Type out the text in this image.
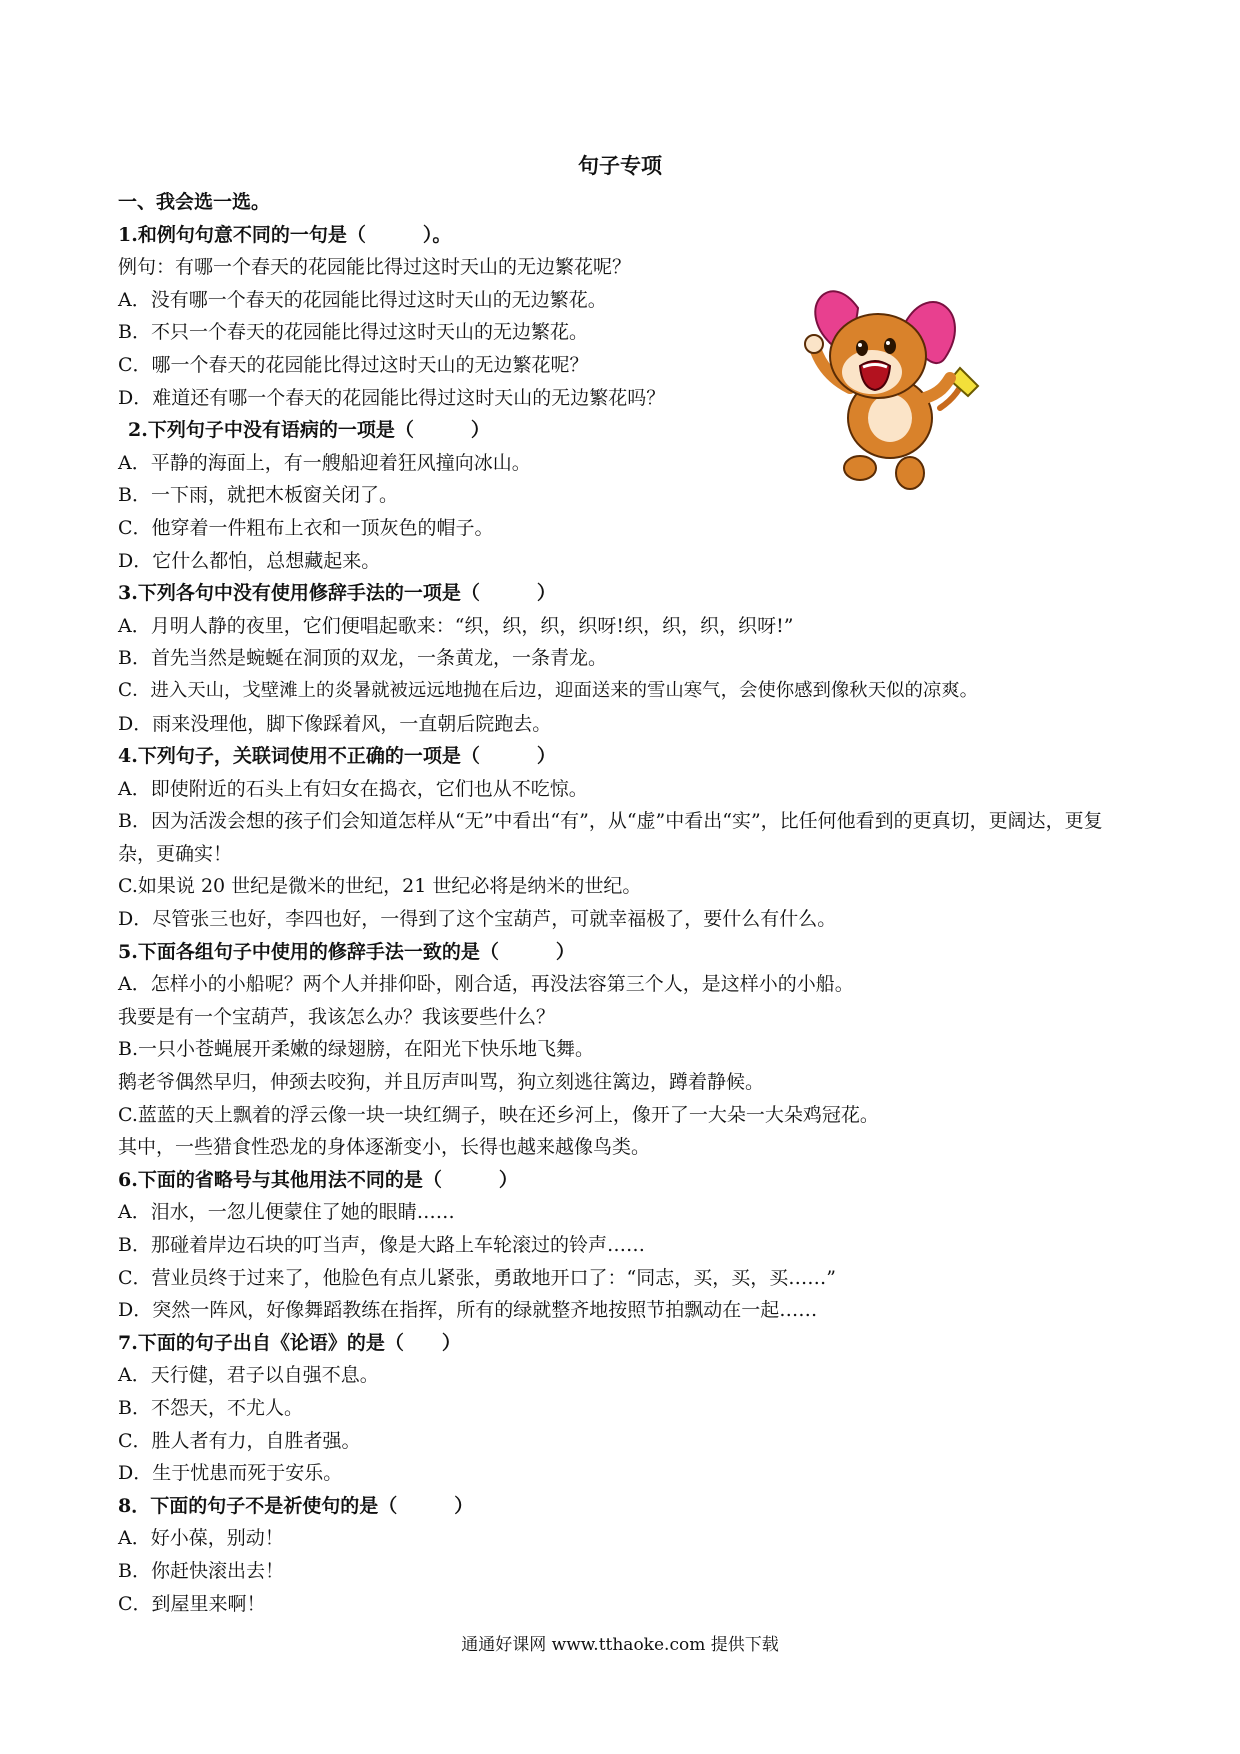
句子专项
一、我会选一选。
1.和例句句意不同的一句是（　　　）。
例句：有哪一个春天的花园能比得过这时天山的无边繁花呢？
A．没有哪一个春天的花园能比得过这时天山的无边繁花。
B．不只一个春天的花园能比得过这时天山的无边繁花。
C．哪一个春天的花园能比得过这时天山的无边繁花呢？
D．难道还有哪一个春天的花园能比得过这时天山的无边繁花吗？
2.下列句子中没有语病的一项是（　　　）
A．平静的海面上，有一艘船迎着狂风撞向冰山。
B．一下雨，就把木板窗关闭了。
C．他穿着一件粗布上衣和一顶灰色的帽子。
D．它什么都怕，总想藏起来。
3.下列各句中没有使用修辞手法的一项是（　　　）
A．月明人静的夜里，它们便唱起歌来：“织，织，织，织呀!织，织，织，织呀!”
B．首先当然是蜿蜒在洞顶的双龙，一条黄龙，一条青龙。
C．进入天山，戈壁滩上的炎暑就被远远地抛在后边，迎面送来的雪山寒气，会使你感到像秋天似的凉爽。
D．雨来没理他，脚下像踩着风，一直朝后院跑去。
4.下列句子，关联词使用不正确的一项是（　　　）
A．即使附近的石头上有妇女在捣衣，它们也从不吃惊。
B．因为活泼会想的孩子们会知道怎样从“无”中看出“有”，从“虚”中看出“实”，比任何他看到的更真切，更阔达，更复杂，更确实！
C.如果说 20 世纪是微米的世纪，21 世纪必将是纳米的世纪。
D．尽管张三也好，李四也好，一得到了这个宝葫芦，可就幸福极了，要什么有什么。
5.下面各组句子中使用的修辞手法一致的是（　　　）
A．怎样小的小船呢？两个人并排仰卧，刚合适，再没法容第三个人，是这样小的小船。
我要是有一个宝葫芦，我该怎么办？我该要些什么？
B.一只小苍蝇展开柔嫩的绿翅膀，在阳光下快乐地飞舞。
鹅老爷偶然早归，伸颈去咬狗，并且厉声叫骂，狗立刻逃往篱边，蹲着静候。
C.蓝蓝的天上飘着的浮云像一块一块红绸子，映在还乡河上，像开了一大朵一大朵鸡冠花。
其中，一些猎食性恐龙的身体逐渐变小，长得也越来越像鸟类。
6.下面的省略号与其他用法不同的是（　　　）
A．泪水，一忽儿便蒙住了她的眼睛……
B．那碰着岸边石块的叮当声，像是大路上车轮滚过的铃声……
C．营业员终于过来了，他脸色有点儿紧张，勇敢地开口了：“同志，买，买，买……”
D．突然一阵风，好像舞蹈教练在指挥，所有的绿就整齐地按照节拍飘动在一起……
7.下面的句子出自《论语》的是（　　）
A．天行健，君子以自强不息。
B．不怨天，不尤人。
C．胜人者有力，自胜者强。
D．生于忧患而死于安乐。
8．下面的句子不是祈使句的是（　　　）
A．好小葆，别动！
B．你赶快滚出去！
C．到屋里来啊！
通通好课网 www.tthaoke.com 提供下载
